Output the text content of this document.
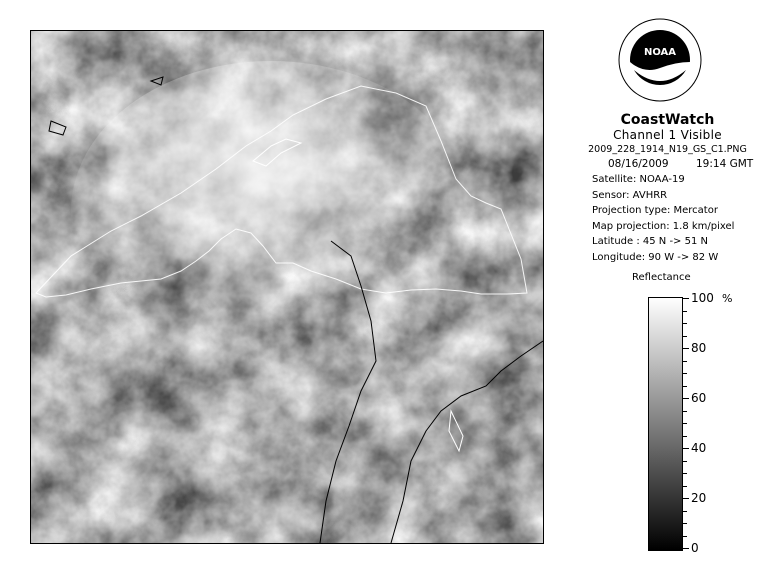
NOAA
CoastWatch
Channel 1 Visible
2009_228_1914_N19_GS_C1.PNG
08/16/2009	19:14 GMT
Satellite: NOAA-19
Sensor: AVHRR
Projection type: Mercator
Map projection: 1.8 km/pixel
Latitude : 45 N -> 51 N
Longitude: 90 W -> 82 W
Reflectance
%
0
20
40
60
80
100
